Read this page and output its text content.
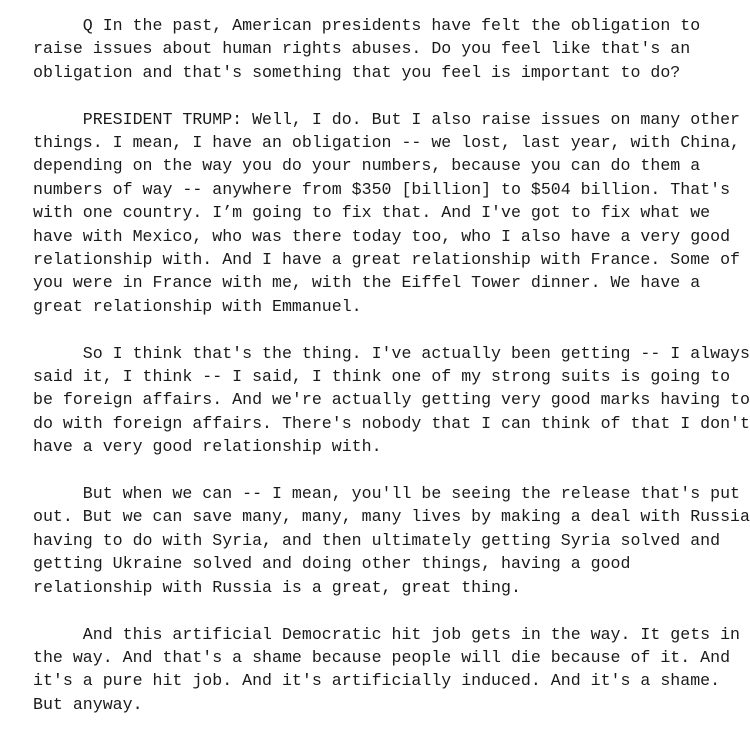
Q In the past, American presidents have felt the obligation to
raise issues about human rights abuses. Do you feel like that's an
obligation and that's something that you feel is important to do?
PRESIDENT TRUMP: Well, I do. But I also raise issues on many other
things. I mean, I have an obligation -- we lost, last year, with China,
depending on the way you do your numbers, because you can do them a
numbers of way -- anywhere from $350 [billion] to $504 billion. That's
with one country. I’m going to fix that. And I've got to fix what we
have with Mexico, who was there today too, who I also have a very good
relationship with. And I have a great relationship with France. Some of
you were in France with me, with the Eiffel Tower dinner. We have a
great relationship with Emmanuel.
So I think that's the thing. I've actually been getting -- I always
said it, I think -- I said, I think one of my strong suits is going to
be foreign affairs. And we're actually getting very good marks having to
do with foreign affairs. There's nobody that I can think of that I don't
have a very good relationship with.
But when we can -- I mean, you'll be seeing the release that's put
out. But we can save many, many, many lives by making a deal with Russia
having to do with Syria, and then ultimately getting Syria solved and
getting Ukraine solved and doing other things, having a good
relationship with Russia is a great, great thing.
And this artificial Democratic hit job gets in the way. It gets in
the way. And that's a shame because people will die because of it. And
it's a pure hit job. And it's artificially induced. And it's a shame.
But anyway.
